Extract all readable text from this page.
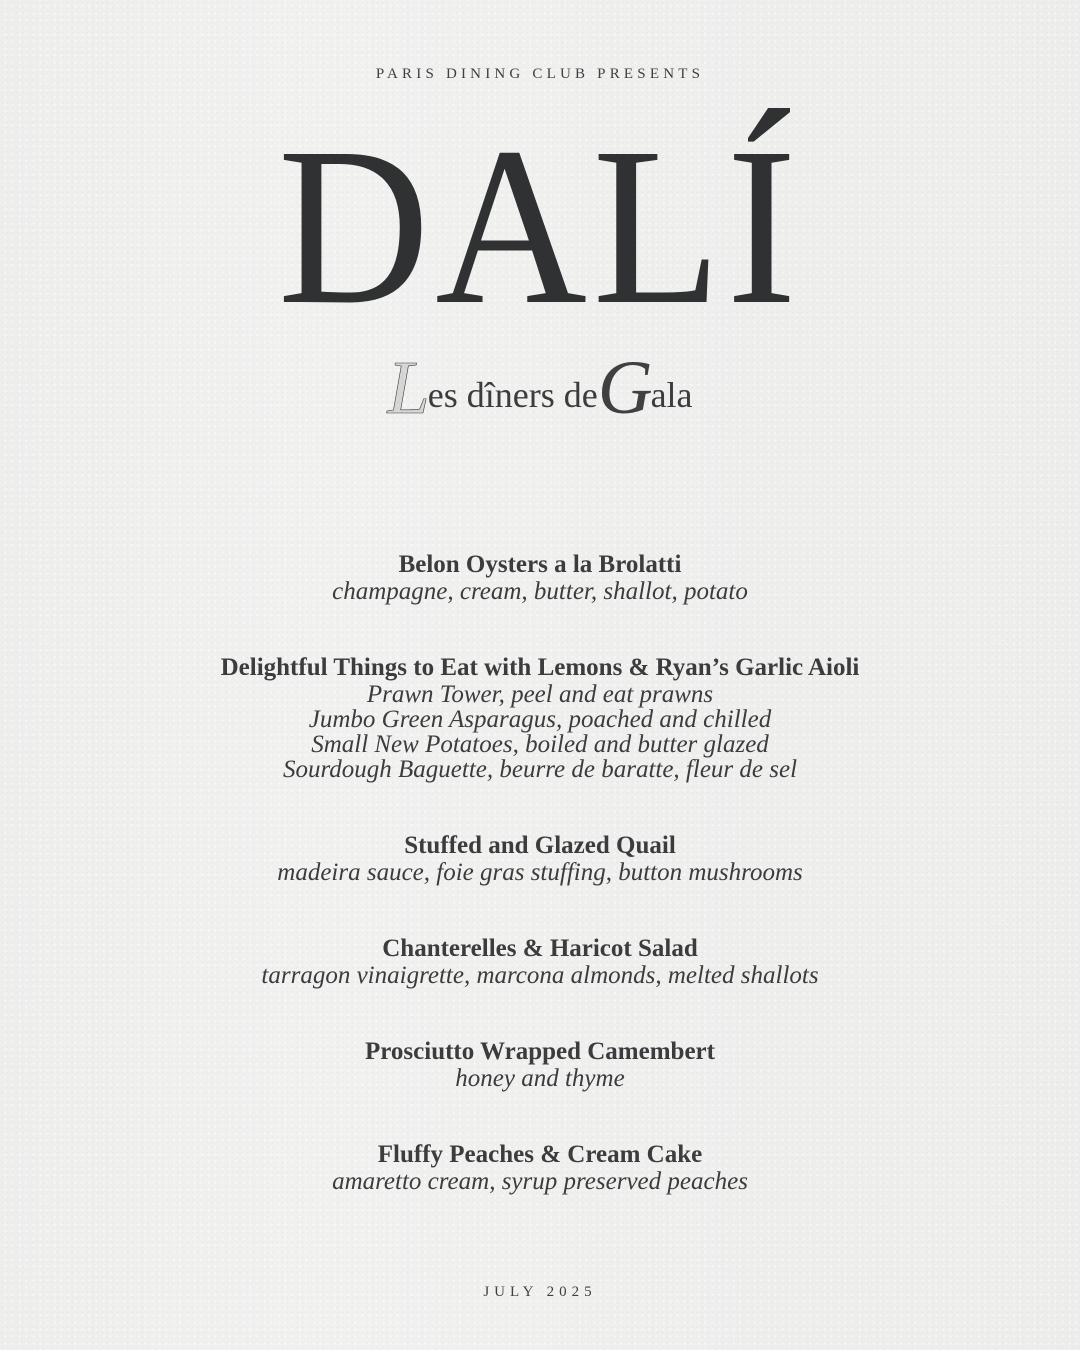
PARIS DINING CLUB PRESENTS
DALÍ
Les dîners deGala
Belon Oysters a la Brolatti
champagne, cream, butter, shallot, potato
Delightful Things to Eat with Lemons & Ryan’s Garlic Aioli
Prawn Tower, peel and eat prawns
Jumbo Green Asparagus, poached and chilled
Small New Potatoes, boiled and butter glazed
Sourdough Baguette, beurre de baratte, fleur de sel
Stuffed and Glazed Quail
madeira sauce, foie gras stuffing, button mushrooms
Chanterelles & Haricot Salad
tarragon vinaigrette, marcona almonds, melted shallots
Prosciutto Wrapped Camembert
honey and thyme
Fluffy Peaches & Cream Cake
amaretto cream, syrup preserved peaches
JULY 2025
